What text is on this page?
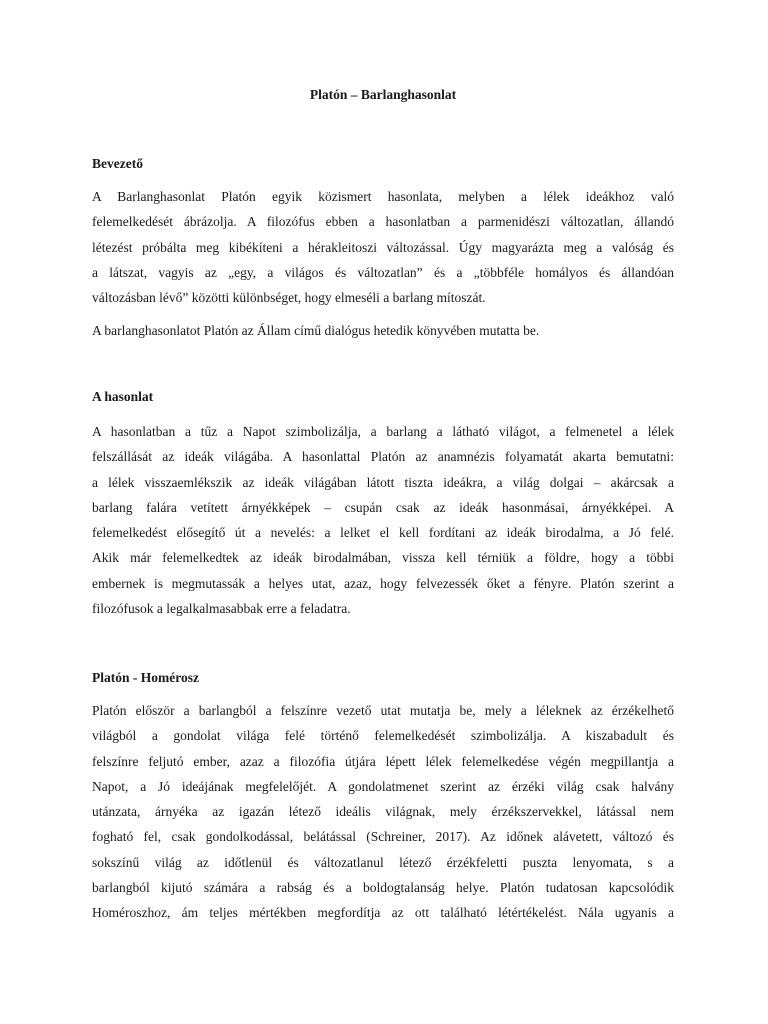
Platón – Barlanghasonlat
Bevezető
A Barlanghasonlat Platón egyik közismert hasonlata, melyben a lélek ideákhoz való
felemelkedését ábrázolja. A filozófus ebben a hasonlatban a parmenidészi változatlan, állandó
létezést próbálta meg kibékíteni a hérakleitoszi változással. Úgy magyarázta meg a valóság és
a látszat, vagyis az „egy, a világos és változatlan” és a „többféle homályos és állandóan
változásban lévő” közötti különbséget, hogy elmeséli a barlang mítoszát.
A barlanghasonlatot Platón az Állam című dialógus hetedik könyvében mutatta be.
A hasonlat
A hasonlatban a tűz a Napot szimbolizálja, a barlang a látható világot, a felmenetel a lélek
felszállását az ideák világába. A hasonlattal Platón az anamnézis folyamatát akarta bemutatni:
a lélek visszaemlékszik az ideák világában látott tiszta ideákra, a világ dolgai – akárcsak a
barlang falára vetített árnyékképek – csupán csak az ideák hasonmásai, árnyékképei. A
felemelkedést elősegítő út a nevelés: a lelket el kell fordítani az ideák birodalma, a Jó felé.
Akik már felemelkedtek az ideák birodalmában, vissza kell térniük a földre, hogy a többi
embernek is megmutassák a helyes utat, azaz, hogy felvezessék őket a fényre. Platón szerint a
filozófusok a legalkalmasabbak erre a feladatra.
Platón - Homérosz
Platón először a barlangból a felszínre vezető utat mutatja be, mely a léleknek az érzékelhető
világból a gondolat világa felé történő felemelkedését szimbolizálja. A kiszabadult és
felszínre feljutó ember, azaz a filozófia útjára lépett lélek felemelkedése végén megpillantja a
Napot, a Jó ideájának megfelelőjét. A gondolatmenet szerint az érzéki világ csak halvány
utánzata, árnyéka az igazán létező ideális világnak, mely érzékszervekkel, látással nem
fogható fel, csak gondolkodással, belátással (Schreiner, 2017). Az időnek alávetett, változó és
sokszínű világ az időtlenül és változatlanul létező érzékfeletti puszta lenyomata, s a
barlangból kijutó számára a rabság és a boldogtalanság helye. Platón tudatosan kapcsolódik
Homéroszhoz, ám teljes mértékben megfordítja az ott található létértékelést. Nála ugyanis a
